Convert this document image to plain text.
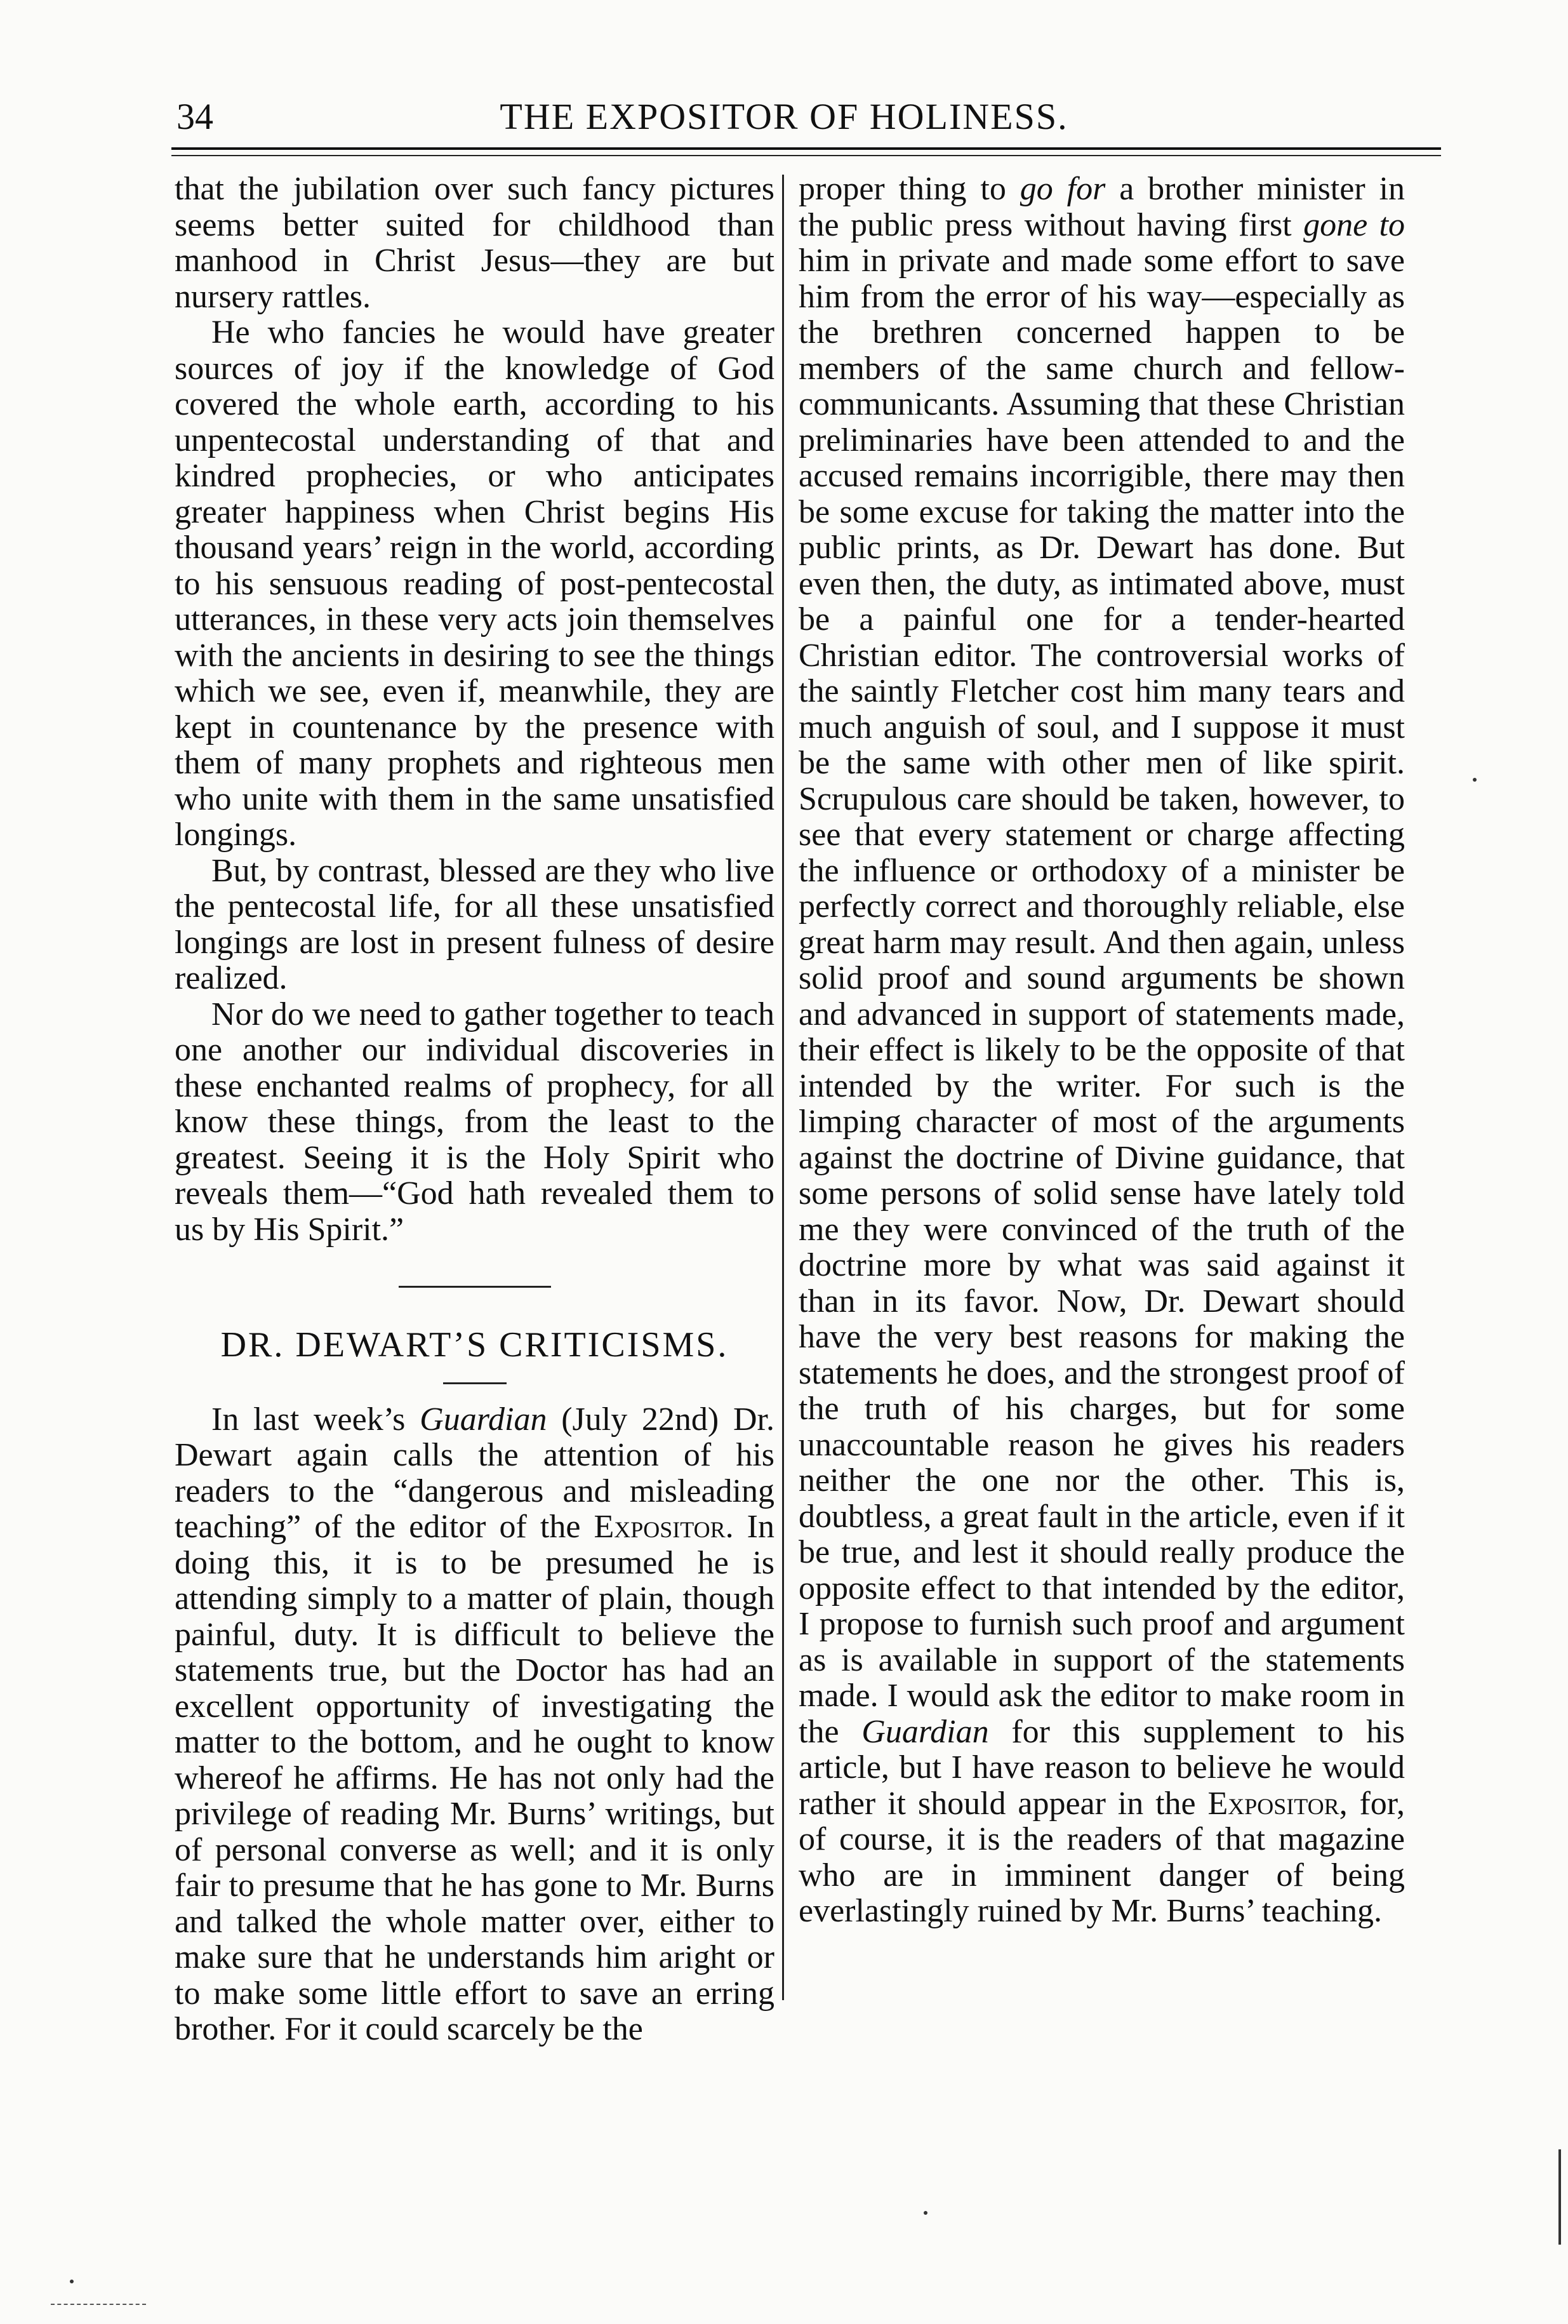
34	THE EXPOSITOR OF HOLINESS.

that the jubilation over such fancy pictures seems better suited for childhood than manhood in Christ Jesus—they are but nursery rattles.

He who fancies he would have greater sources of joy if the knowledge of God covered the whole earth, according to his unpentecostal understanding of that and kindred prophecies, or who anticipates greater happiness when Christ begins His thousand years’ reign in the world, according to his sensuous reading of post-pentecostal utterances, in these very acts join themselves with the ancients in desiring to see the things which we see, even if, meanwhile, they are kept in countenance by the presence with them of many prophets and righteous men who unite with them in the same unsatisfied longings.

But, by contrast, blessed are they who live the pentecostal life, for all these unsatisfied longings are lost in present fulness of desire realized.

Nor do we need to gather together to teach one another our individual discoveries in these enchanted realms of prophecy, for all know these things, from the least to the greatest. Seeing it is the Holy Spirit who reveals them—“God hath revealed them to us by His Spirit.”

DR. DEWART’S CRITICISMS.

In last week’s Guardian (July 22nd) Dr. Dewart again calls the attention of his readers to the “dangerous and misleading teaching” of the editor of the Expositor. In doing this, it is to be presumed he is attending simply to a matter of plain, though painful, duty. It is difficult to believe the statements true, but the Doctor has had an excellent opportunity of investigating the matter to the bottom, and he ought to know whereof he affirms. He has not only had the privilege of reading Mr. Burns’ writings, but of personal converse as well; and it is only fair to presume that he has gone to Mr. Burns and talked the whole matter over, either to make sure that he understands him aright or to make some little effort to save an erring brother. For it could scarcely be the

proper thing to go for a brother minister in the public press without having first gone to him in private and made some effort to save him from the error of his way—especially as the brethren concerned happen to be members of the same church and fellow-communicants. Assuming that these Christian preliminaries have been attended to and the accused remains incorrigible, there may then be some excuse for taking the matter into the public prints, as Dr. Dewart has done. But even then, the duty, as intimated above, must be a painful one for a tender-hearted Christian editor. The controversial works of the saintly Fletcher cost him many tears and much anguish of soul, and I suppose it must be the same with other men of like spirit. Scrupulous care should be taken, however, to see that every statement or charge affecting the influence or orthodoxy of a minister be perfectly correct and thoroughly reliable, else great harm may result. And then again, unless solid proof and sound arguments be shown and advanced in support of statements made, their effect is likely to be the opposite of that intended by the writer. For such is the limping character of most of the arguments against the doctrine of Divine guidance, that some persons of solid sense have lately told me they were convinced of the truth of the doctrine more by what was said against it than in its favor. Now, Dr. Dewart should have the very best reasons for making the statements he does, and the strongest proof of the truth of his charges, but for some unaccountable reason he gives his readers neither the one nor the other. This is, doubtless, a great fault in the article, even if it be true, and lest it should really produce the opposite effect to that intended by the editor, I propose to furnish such proof and argument as is available in support of the statements made. I would ask the editor to make room in the Guardian for this supplement to his article, but I have reason to believe he would rather it should appear in the Expositor, for, of course, it is the readers of that magazine who are in imminent danger of being everlastingly ruined by Mr. Burns’ teaching.
